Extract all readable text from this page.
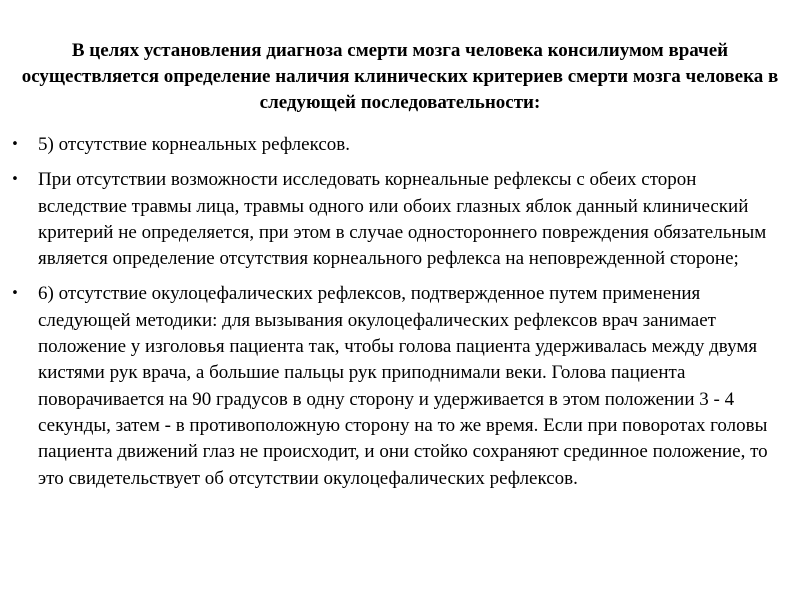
В целях установления диагноза смерти мозга человека консилиумом врачей осуществляется определение наличия клинических критериев смерти мозга человека в следующей последовательности:
• 5) отсутствие корнеальных рефлексов.
• При отсутствии возможности исследовать корнеальные рефлексы с обеих сторон вследствие травмы лица, травмы одного или обоих глазных яблок данный клинический критерий не определяется, при этом в случае одностороннего повреждения обязательным является определение отсутствия корнеального рефлекса на неповрежденной стороне;
• 6) отсутствие окулоцефалических рефлексов, подтвержденное путем применения следующей методики: для вызывания окулоцефалических рефлексов врач занимает положение у изголовья пациента так, чтобы голова пациента удерживалась между двумя кистями рук врача, а большие пальцы рук приподнимали веки. Голова пациента поворачивается на 90 градусов в одну сторону и удерживается в этом положении 3 - 4 секунды, затем - в противоположную сторону на то же время. Если при поворотах головы пациента движений глаз не происходит, и они стойко сохраняют срединное положение, то это свидетельствует об отсутствии окулоцефалических рефлексов.
